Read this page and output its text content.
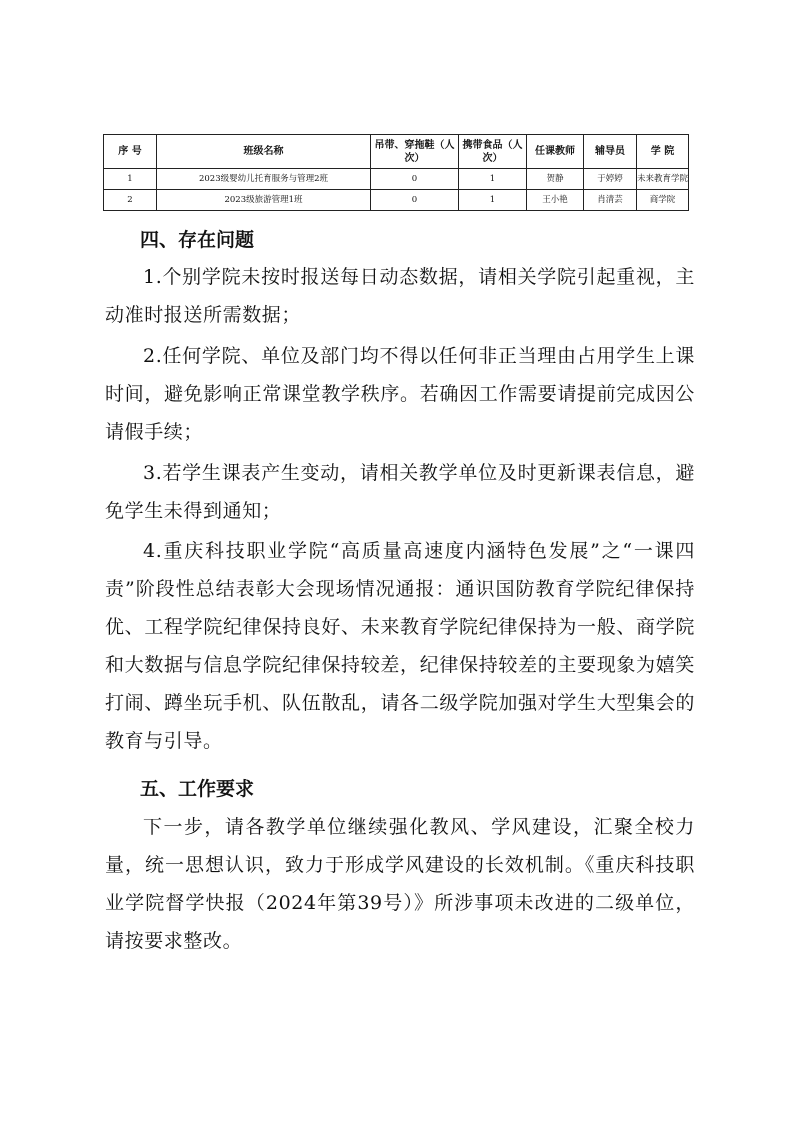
序 号	班级名称	吊带、穿拖鞋（人次）	携带食品（人次）	任课教师	辅导员	学 院
1	2023级婴幼儿托育服务与管理2班	0	1	贺静	于婷婷	未来教育学院
2	2023级旅游管理1班	0	1	王小艳	肖清芸	商学院
四、存在问题

1.个别学院未按时报送每日动态数据，请相关学院引起重视，主动准时报送所需数据；

2.任何学院、单位及部门均不得以任何非正当理由占用学生上课时间，避免影响正常课堂教学秩序。若确因工作需要请提前完成因公请假手续；

3.若学生课表产生变动，请相关教学单位及时更新课表信息，避免学生未得到通知；

4.重庆科技职业学院“高质量高速度内涵特色发展”之“一课四责”阶段性总结表彰大会现场情况通报：通识国防教育学院纪律保持优、工程学院纪律保持良好、未来教育学院纪律保持为一般、商学院和大数据与信息学院纪律保持较差，纪律保持较差的主要现象为嬉笑打闹、蹲坐玩手机、队伍散乱，请各二级学院加强对学生大型集会的教育与引导。

五、工作要求

下一步，请各教学单位继续强化教风、学风建设，汇聚全校力量，统一思想认识，致力于形成学风建设的长效机制。《重庆科技职业学院督学快报（2024年第39号）》所涉事项未改进的二级单位，请按要求整改。
